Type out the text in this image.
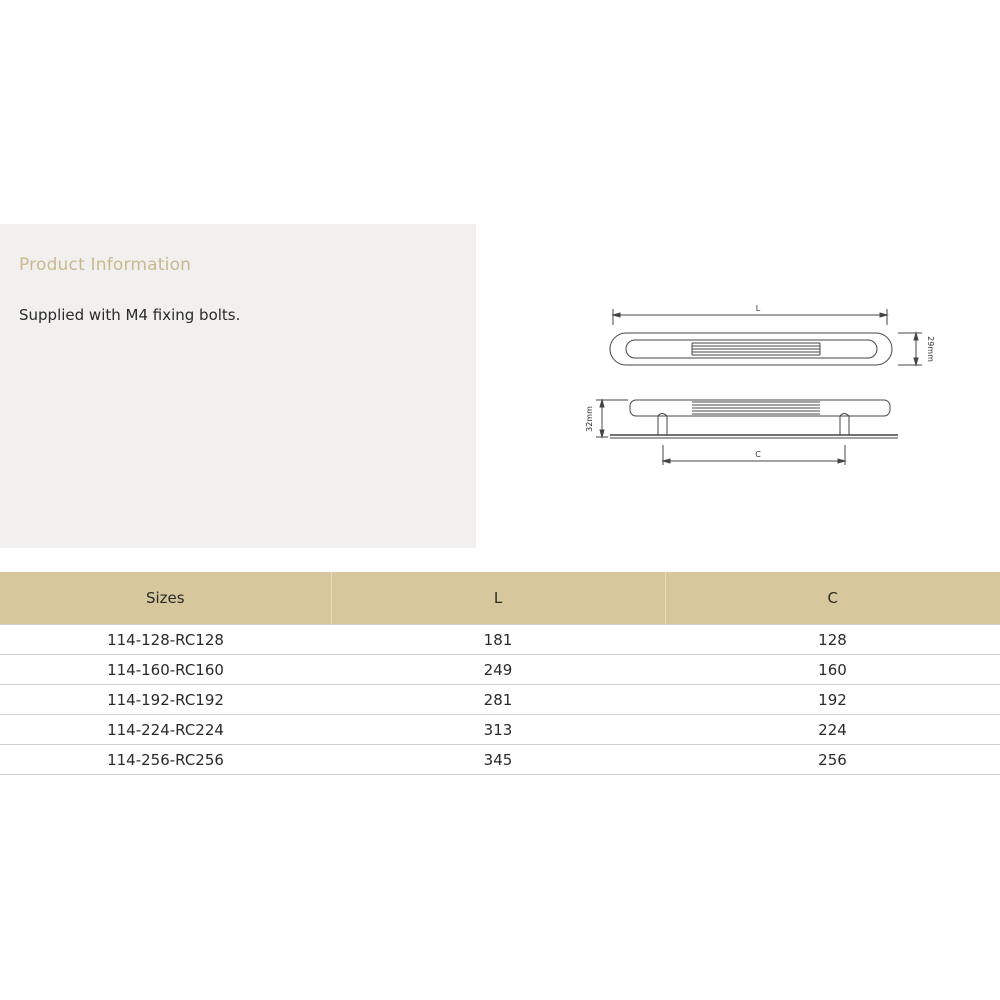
Product Information
Supplied with M4 fixing bolts.	L
29mm
32mm
C
Sizes	L	C
114-128-RC128	181	128
114-160-RC160	249	160
114-192-RC192	281	192
114-224-RC224	313	224
114-256-RC256	345	256
